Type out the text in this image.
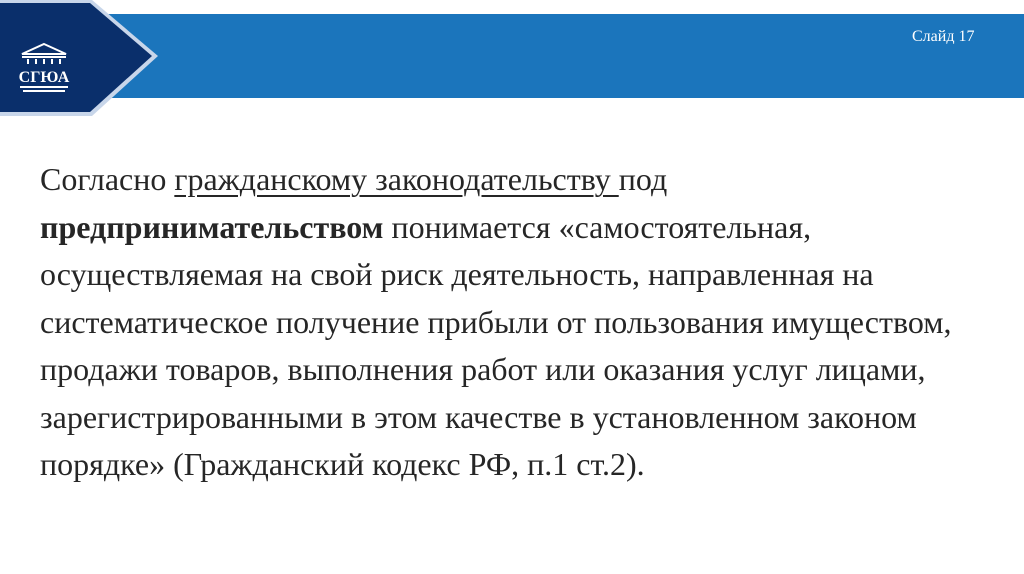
СГЮА
Слайд 17
Согласно гражданскому законодательству под предпринимательством понимается «самостоятельная, осуществляемая на свой риск деятельность, направленная на систематическое получение прибыли от пользования имуществом, продажи товаров, выполнения работ или оказания услуг лицами, зарегистрированными в этом качестве в установленном законом порядке» (Гражданский кодекс РФ, п.1 ст.2).
